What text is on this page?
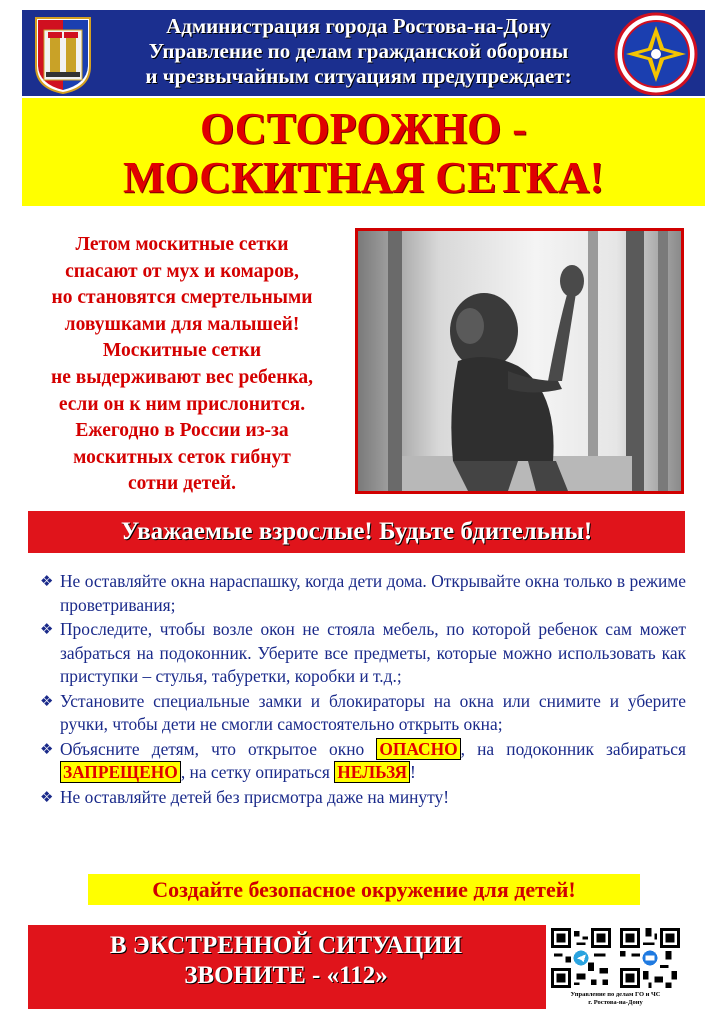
Администрация города Ростова-на-Дону
Управление по делам гражданской обороны
и чрезвычайным ситуациям предупреждает:
ОСТОРОЖНО -
МОСКИТНАЯ СЕТКА!
Летом москитные сетки
спасают от мух и комаров,
но становятся смертельными
ловушками для малышей!
Москитные сетки
не выдерживают вес ребенка,
если он к ним прислонится.
Ежегодно в России из-за
москитных сеток гибнут
сотни детей.
Уважаемые взрослые! Будьте бдительны!
❖ Не оставляйте окна нараспашку, когда дети дома. Открывайте окна только в режиме проветривания;
❖ Проследите, чтобы возле окон не стояла мебель, по которой ребенок сам может забраться на подоконник. Уберите все предметы, которые можно использовать как приступки – стулья, табуретки, коробки и т.д.;
❖ Установите специальные замки и блокираторы на окна или снимите и уберите ручки, чтобы дети не смогли самостоятельно открыть окна;
❖ Объясните детям, что открытое окно ОПАСНО , на подоконник забираться ЗАПРЕЩЕНО , на сетку опираться НЕЛЬЗЯ !
❖ Не оставляйте детей без присмотра даже на минуту!
Создайте безопасное окружение для детей!
В ЭКСТРЕННОЙ СИТУАЦИИ
ЗВОНИТЕ - «112»
Управление по делам ГО и ЧС
г. Ростова-на-Дону
